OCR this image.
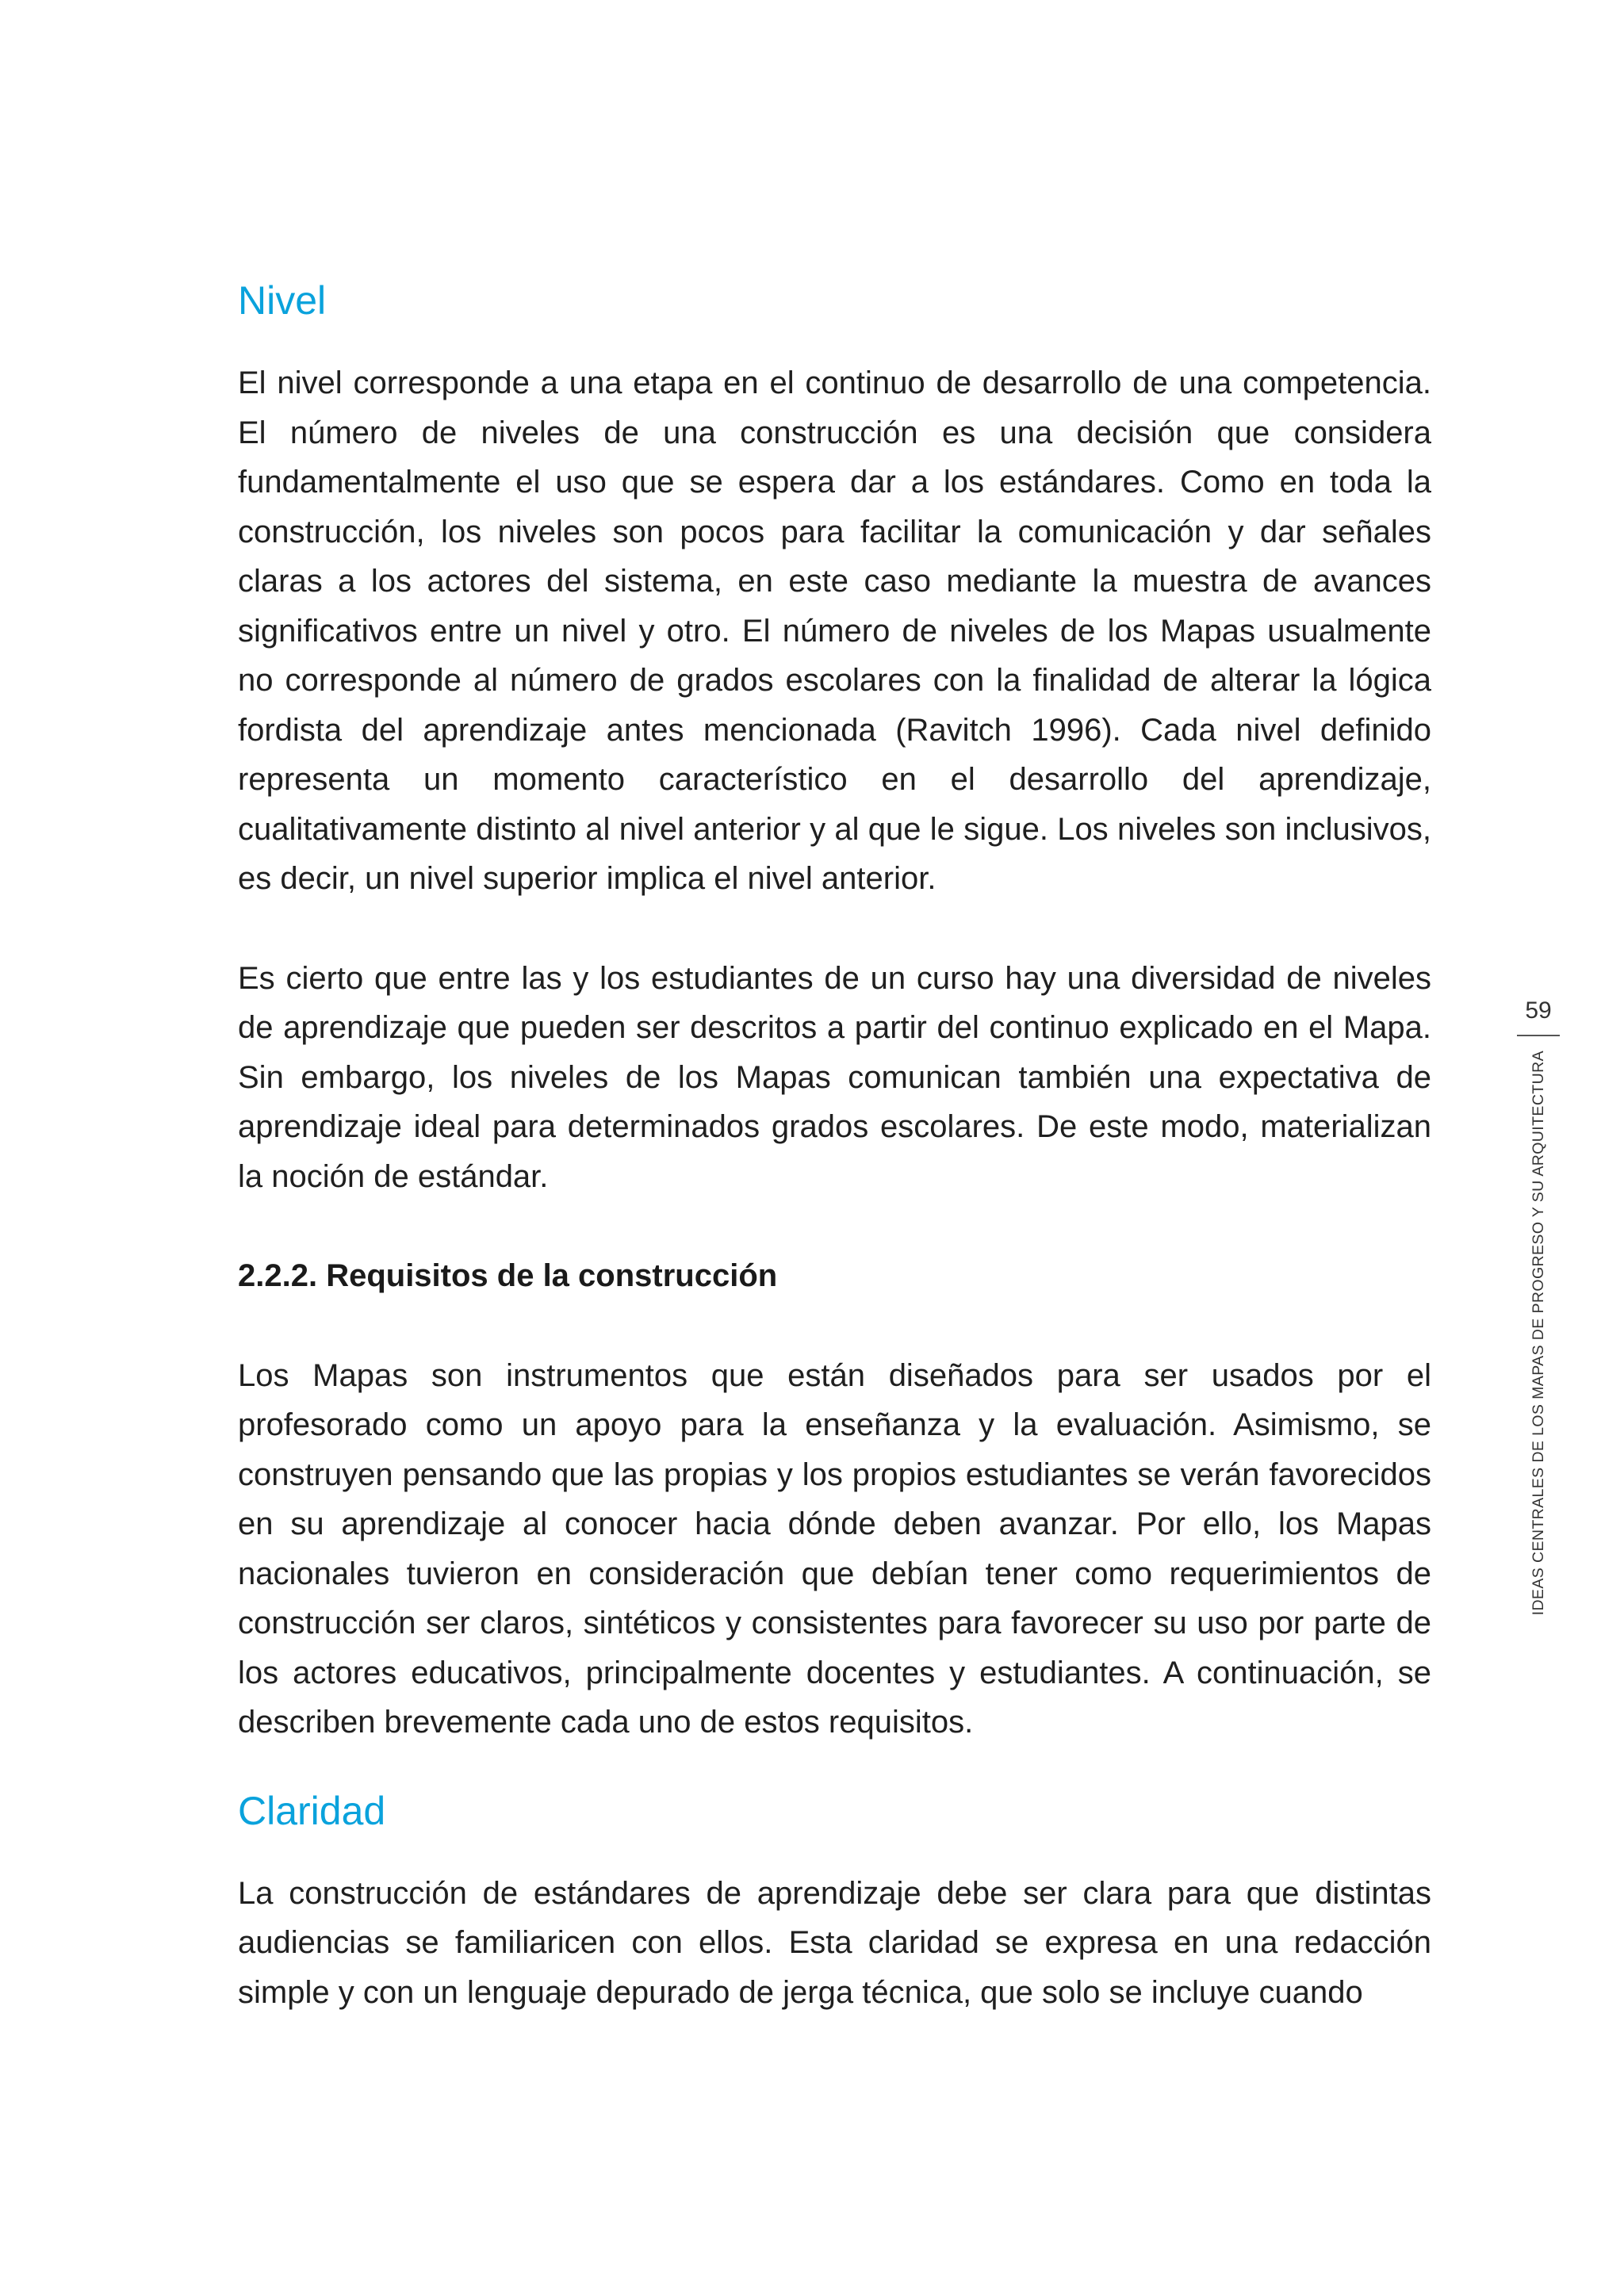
Nivel

El nivel corresponde a una etapa en el continuo de desarrollo de una competencia. El número de niveles de una construcción es una decisión que considera fundamentalmente el uso que se espera dar a los estándares. Como en toda la construcción, los niveles son pocos para facilitar la comunicación y dar señales claras a los actores del sistema, en este caso mediante la muestra de avances significativos entre un nivel y otro. El número de niveles de los Mapas usualmente no corresponde al número de grados escolares con la finalidad de alterar la lógica fordista del aprendizaje antes mencionada (Ravitch 1996). Cada nivel definido representa un momento característico en el desarrollo del aprendizaje, cualitativamente distinto al nivel anterior y al que le sigue. Los niveles son inclusivos, es decir, un nivel superior implica el nivel anterior.

Es cierto que entre las y los estudiantes de un curso hay una diversidad de niveles de aprendizaje que pueden ser descritos a partir del continuo explicado en el Mapa. Sin embargo, los niveles de los Mapas comunican también una expectativa de aprendizaje ideal para determinados grados escolares. De este modo, materializan la noción de estándar.

2.2.2. Requisitos de la construcción

Los Mapas son instrumentos que están diseñados para ser usados por el profesorado como un apoyo para la enseñanza y la evaluación. Asimismo, se construyen pensando que las propias y los propios estudiantes se verán favorecidos en su aprendizaje al conocer hacia dónde deben avanzar. Por ello, los Mapas nacionales tuvieron en consideración que debían tener como requerimientos de construcción ser claros, sintéticos y consistentes para favorecer su uso por parte de los actores educativos, principalmente docentes y estudiantes. A continuación, se describen brevemente cada uno de estos requisitos.

Claridad

La construcción de estándares de aprendizaje debe ser clara para que distintas audiencias se familiaricen con ellos. Esta claridad se expresa en una redacción simple y con un lenguaje depurado de jerga técnica, que solo se incluye cuando

59
IDEAS CENTRALES DE LOS MAPAS DE PROGRESO Y SU ARQUITECTURA
